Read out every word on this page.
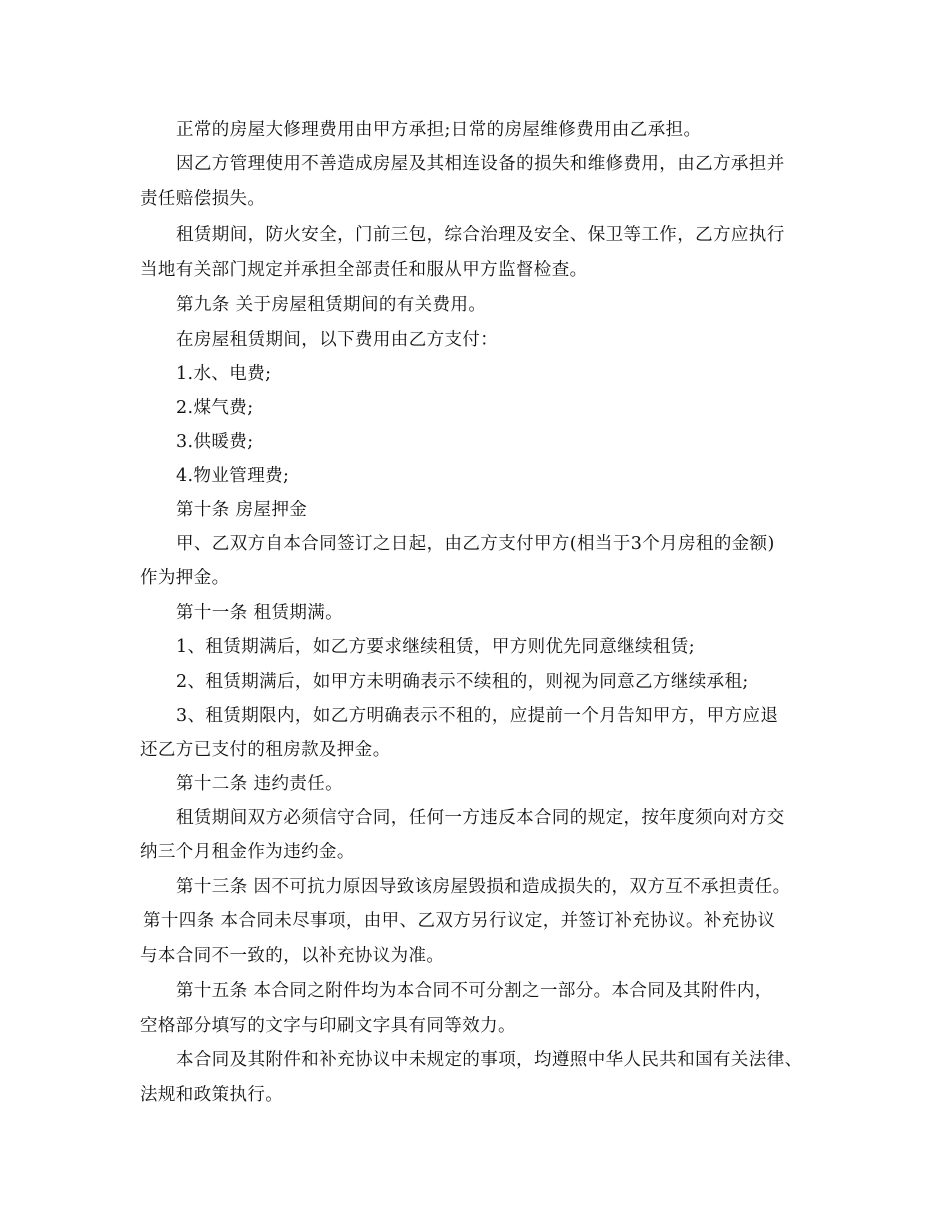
正常的房屋大修理费用由甲方承担;日常的房屋维修费用由乙承担。
因乙方管理使用不善造成房屋及其相连设备的损失和维修费用，由乙方承担并
责任赔偿损失。
租赁期间，防火安全，门前三包，综合治理及安全、保卫等工作，乙方应执行
当地有关部门规定并承担全部责任和服从甲方监督检查。
第九条 关于房屋租赁期间的有关费用。
在房屋租赁期间，以下费用由乙方支付：
1.水、电费;
2.煤气费;
3.供暖费;
4.物业管理费;
第十条 房屋押金
甲、乙双方自本合同签订之日起，由乙方支付甲方(相当于3个月房租的金额)
作为押金。
第十一条 租赁期满。
1、租赁期满后，如乙方要求继续租赁，甲方则优先同意继续租赁;
2、租赁期满后，如甲方未明确表示不续租的，则视为同意乙方继续承租;
3、租赁期限内，如乙方明确表示不租的，应提前一个月告知甲方，甲方应退
还乙方已支付的租房款及押金。
第十二条 违约责任。
租赁期间双方必须信守合同，任何一方违反本合同的规定，按年度须向对方交
纳三个月租金作为违约金。
第十三条 因不可抗力原因导致该房屋毁损和造成损失的，双方互不承担责任。
第十四条 本合同未尽事项，由甲、乙双方另行议定，并签订补充协议。补充协议
与本合同不一致的，以补充协议为准。
第十五条 本合同之附件均为本合同不可分割之一部分。本合同及其附件内，
空格部分填写的文字与印刷文字具有同等效力。
本合同及其附件和补充协议中未规定的事项，均遵照中华人民共和国有关法律、
法规和政策执行。
